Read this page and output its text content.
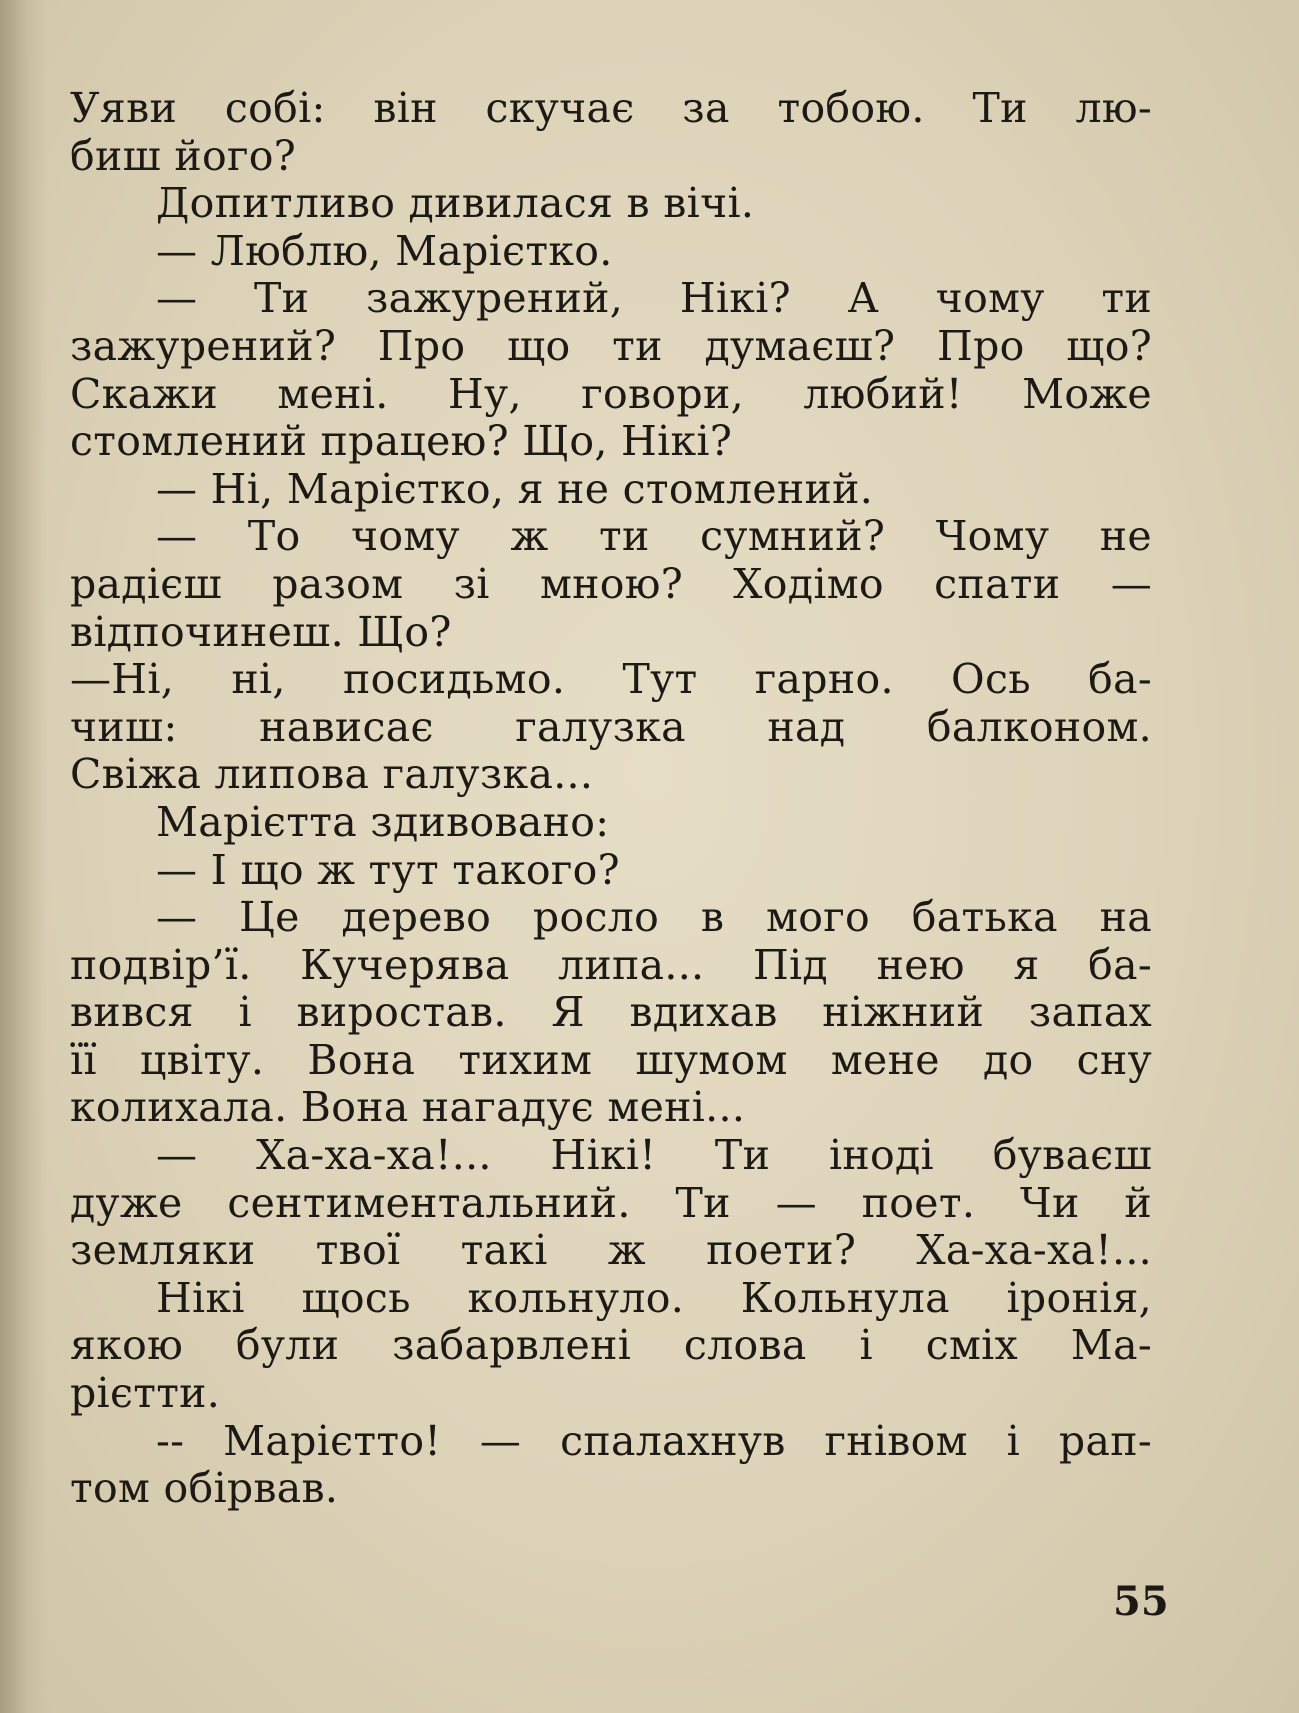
Уяви собі: він скучає за тобою. Ти лю-
биш його?
Допитливо дивилася в вічі.
— Люблю, Марієтко.
— Ти зажурений, Нікі? А чому ти
зажурений? Про що ти думаєш? Про що?
Скажи мені. Ну, говори, любий! Може
стомлений працею? Що, Нікі?
— Ні, Марієтко, я не стомлений.
— То чому ж ти сумний? Чому не
радієш разом зі мною? Ходімо спати —
відпочинеш. Що?
—Ні, ні, посидьмо. Тут гарно. Ось ба-
чиш: нависає галузка над балконом.
Свіжа липова галузка...
Марієтта здивовано:
— І що ж тут такого?
— Це дерево росло в мого батька на
подвір’ї. Кучерява липа... Під нею я ба-
вився і виростав. Я вдихав ніжний запах
її цвіту. Вона тихим шумом мене до сну
колихала. Вона нагадує мені...
— Ха-ха-ха!... Нікі! Ти іноді буваєш
дуже сентиментальний. Ти — поет. Чи й
земляки твої такі ж поети? Ха-ха-ха!...
Нікі щось кольнуло. Кольнула іронія,
якою були забарвлені слова і сміх Ма-
рієтти.
-- Марієтто! — спалахнув гнівом і рап-
том обірвав.
55
